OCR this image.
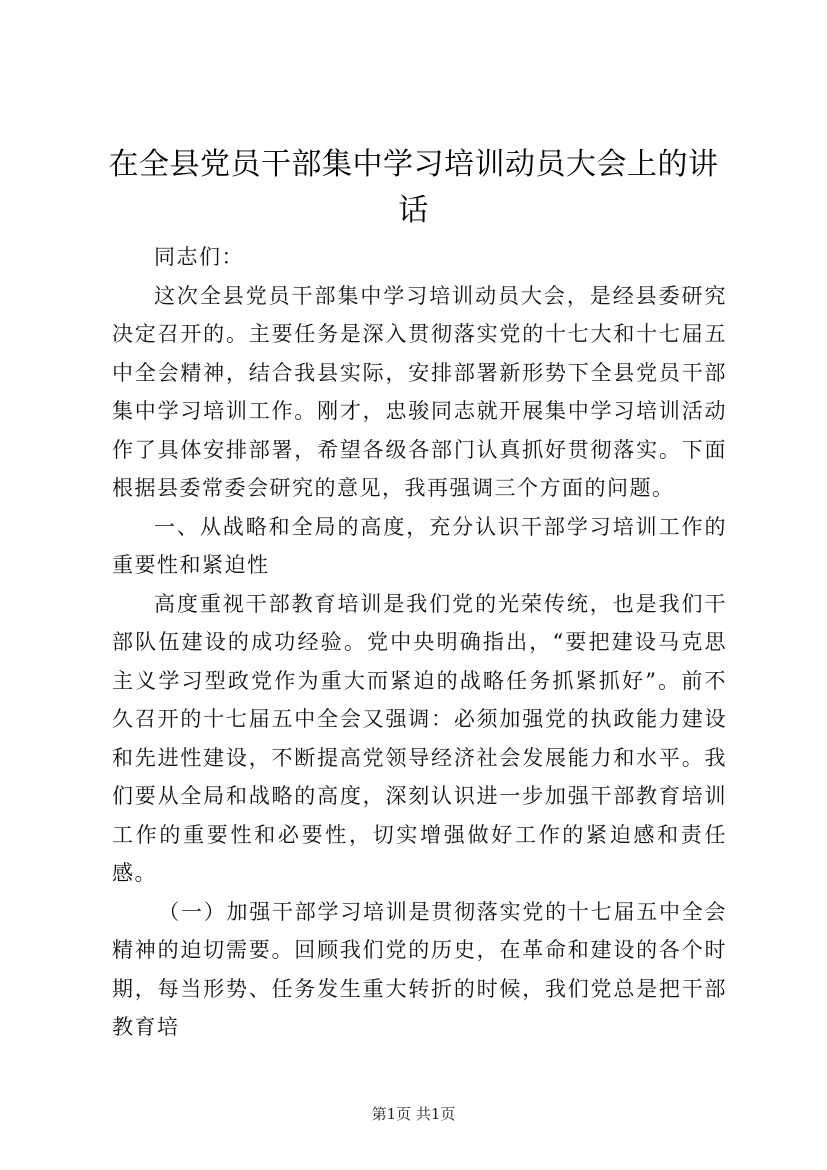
在全县党员干部集中学习培训动员大会上的讲话

同志们：

这次全县党员干部集中学习培训动员大会，是经县委研究决定召开的。主要任务是深入贯彻落实党的十七大和十七届五中全会精神，结合我县实际，安排部署新形势下全县党员干部集中学习培训工作。刚才，忠骏同志就开展集中学习培训活动作了具体安排部署，希望各级各部门认真抓好贯彻落实。下面根据县委常委会研究的意见，我再强调三个方面的问题。

一、从战略和全局的高度，充分认识干部学习培训工作的重要性和紧迫性

高度重视干部教育培训是我们党的光荣传统，也是我们干部队伍建设的成功经验。党中央明确指出，“要把建设马克思主义学习型政党作为重大而紧迫的战略任务抓紧抓好”。前不久召开的十七届五中全会又强调：必须加强党的执政能力建设和先进性建设，不断提高党领导经济社会发展能力和水平。我们要从全局和战略的高度，深刻认识进一步加强干部教育培训工作的重要性和必要性，切实增强做好工作的紧迫感和责任感。

（一）加强干部学习培训是贯彻落实党的十七届五中全会精神的迫切需要。回顾我们党的历史，在革命和建设的各个时期，每当形势、任务发生重大转折的时候，我们党总是把干部教育培

第1页 共1页
